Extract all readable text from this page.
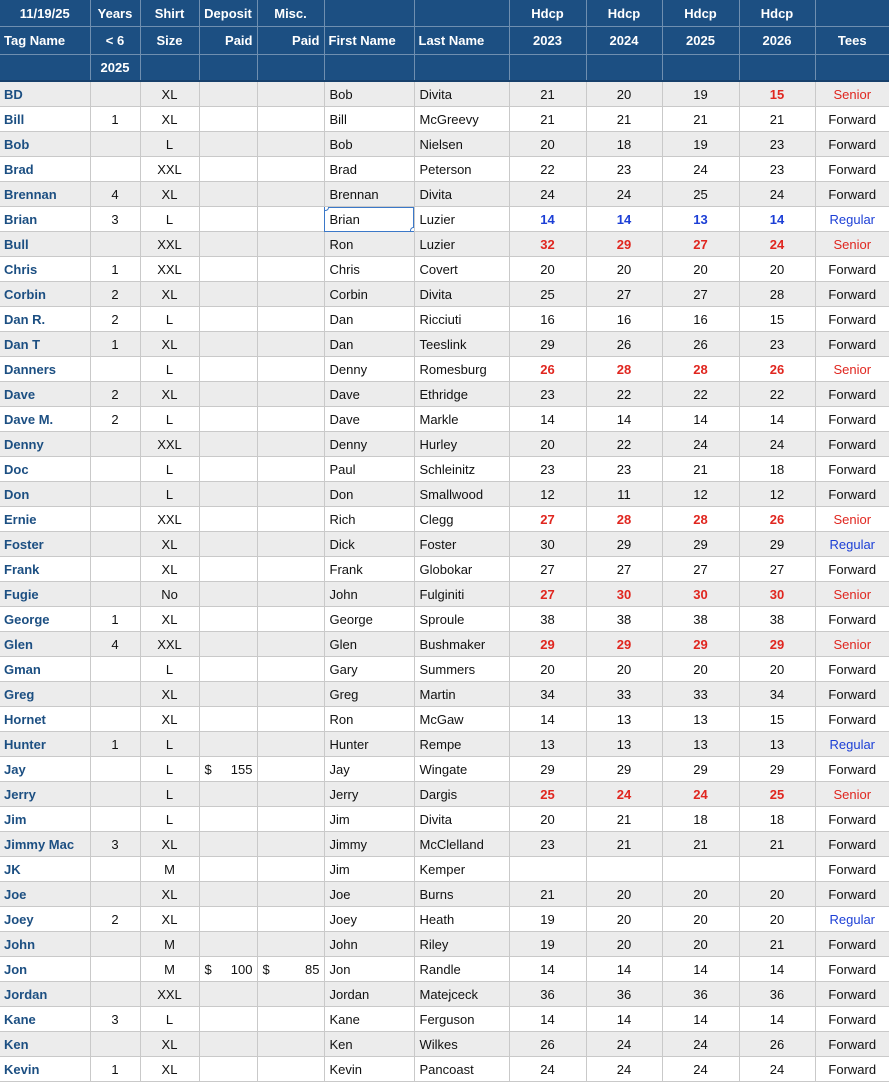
11/19/25	Years	Shirt	Deposit	Misc.			Hdcp	Hdcp	Hdcp	Hdcp	
Tag Name	< 6	Size	Paid	Paid	First Name	Last Name	2023	2024	2025	2026	Tees
	2025										
BD		XL			Bob	Divita	21	20	19	15	Senior
Bill	1	XL			Bill	McGreevy	21	21	21	21	Forward
Bob		L			Bob	Nielsen	20	18	19	23	Forward
Brad		XXL			Brad	Peterson	22	23	24	23	Forward
Brennan	4	XL			Brennan	Divita	24	24	25	24	Forward
Brian	3	L			Brian	Luzier	14	14	13	14	Regular
Bull		XXL			Ron	Luzier	32	29	27	24	Senior
Chris	1	XXL			Chris	Covert	20	20	20	20	Forward
Corbin	2	XL			Corbin	Divita	25	27	27	28	Forward
Dan R.	2	L			Dan	Ricciuti	16	16	16	15	Forward
Dan T	1	XL			Dan	Teeslink	29	26	26	23	Forward
Danners		L			Denny	Romesburg	26	28	28	26	Senior
Dave	2	XL			Dave	Ethridge	23	22	22	22	Forward
Dave M.	2	L			Dave	Markle	14	14	14	14	Forward
Denny		XXL			Denny	Hurley	20	22	24	24	Forward
Doc		L			Paul	Schleinitz	23	23	21	18	Forward
Don		L			Don	Smallwood	12	11	12	12	Forward
Ernie		XXL			Rich	Clegg	27	28	28	26	Senior
Foster		XL			Dick	Foster	30	29	29	29	Regular
Frank		XL			Frank	Globokar	27	27	27	27	Forward
Fugie		No			John	Fulginiti	27	30	30	30	Senior
George	1	XL			George	Sproule	38	38	38	38	Forward
Glen	4	XXL			Glen	Bushmaker	29	29	29	29	Senior
Gman		L			Gary	Summers	20	20	20	20	Forward
Greg		XL			Greg	Martin	34	33	33	34	Forward
Hornet		XL			Ron	McGaw	14	13	13	15	Forward
Hunter	1	L			Hunter	Rempe	13	13	13	13	Regular
Jay		L	$ 155		Jay	Wingate	29	29	29	29	Forward
Jerry		L			Jerry	Dargis	25	24	24	25	Senior
Jim		L			Jim	Divita	20	21	18	18	Forward
Jimmy Mac	3	XL			Jimmy	McClelland	23	21	21	21	Forward
JK		M			Jim	Kemper					Forward
Joe		XL			Joe	Burns	21	20	20	20	Forward
Joey	2	XL			Joey	Heath	19	20	20	20	Regular
John		M			John	Riley	19	20	20	21	Forward
Jon		M	$ 100	$ 85	Jon	Randle	14	14	14	14	Forward
Jordan		XXL			Jordan	Matejceck	36	36	36	36	Forward
Kane	3	L			Kane	Ferguson	14	14	14	14	Forward
Ken		XL			Ken	Wilkes	26	24	24	26	Forward
Kevin	1	XL			Kevin	Pancoast	24	24	24	24	Forward
